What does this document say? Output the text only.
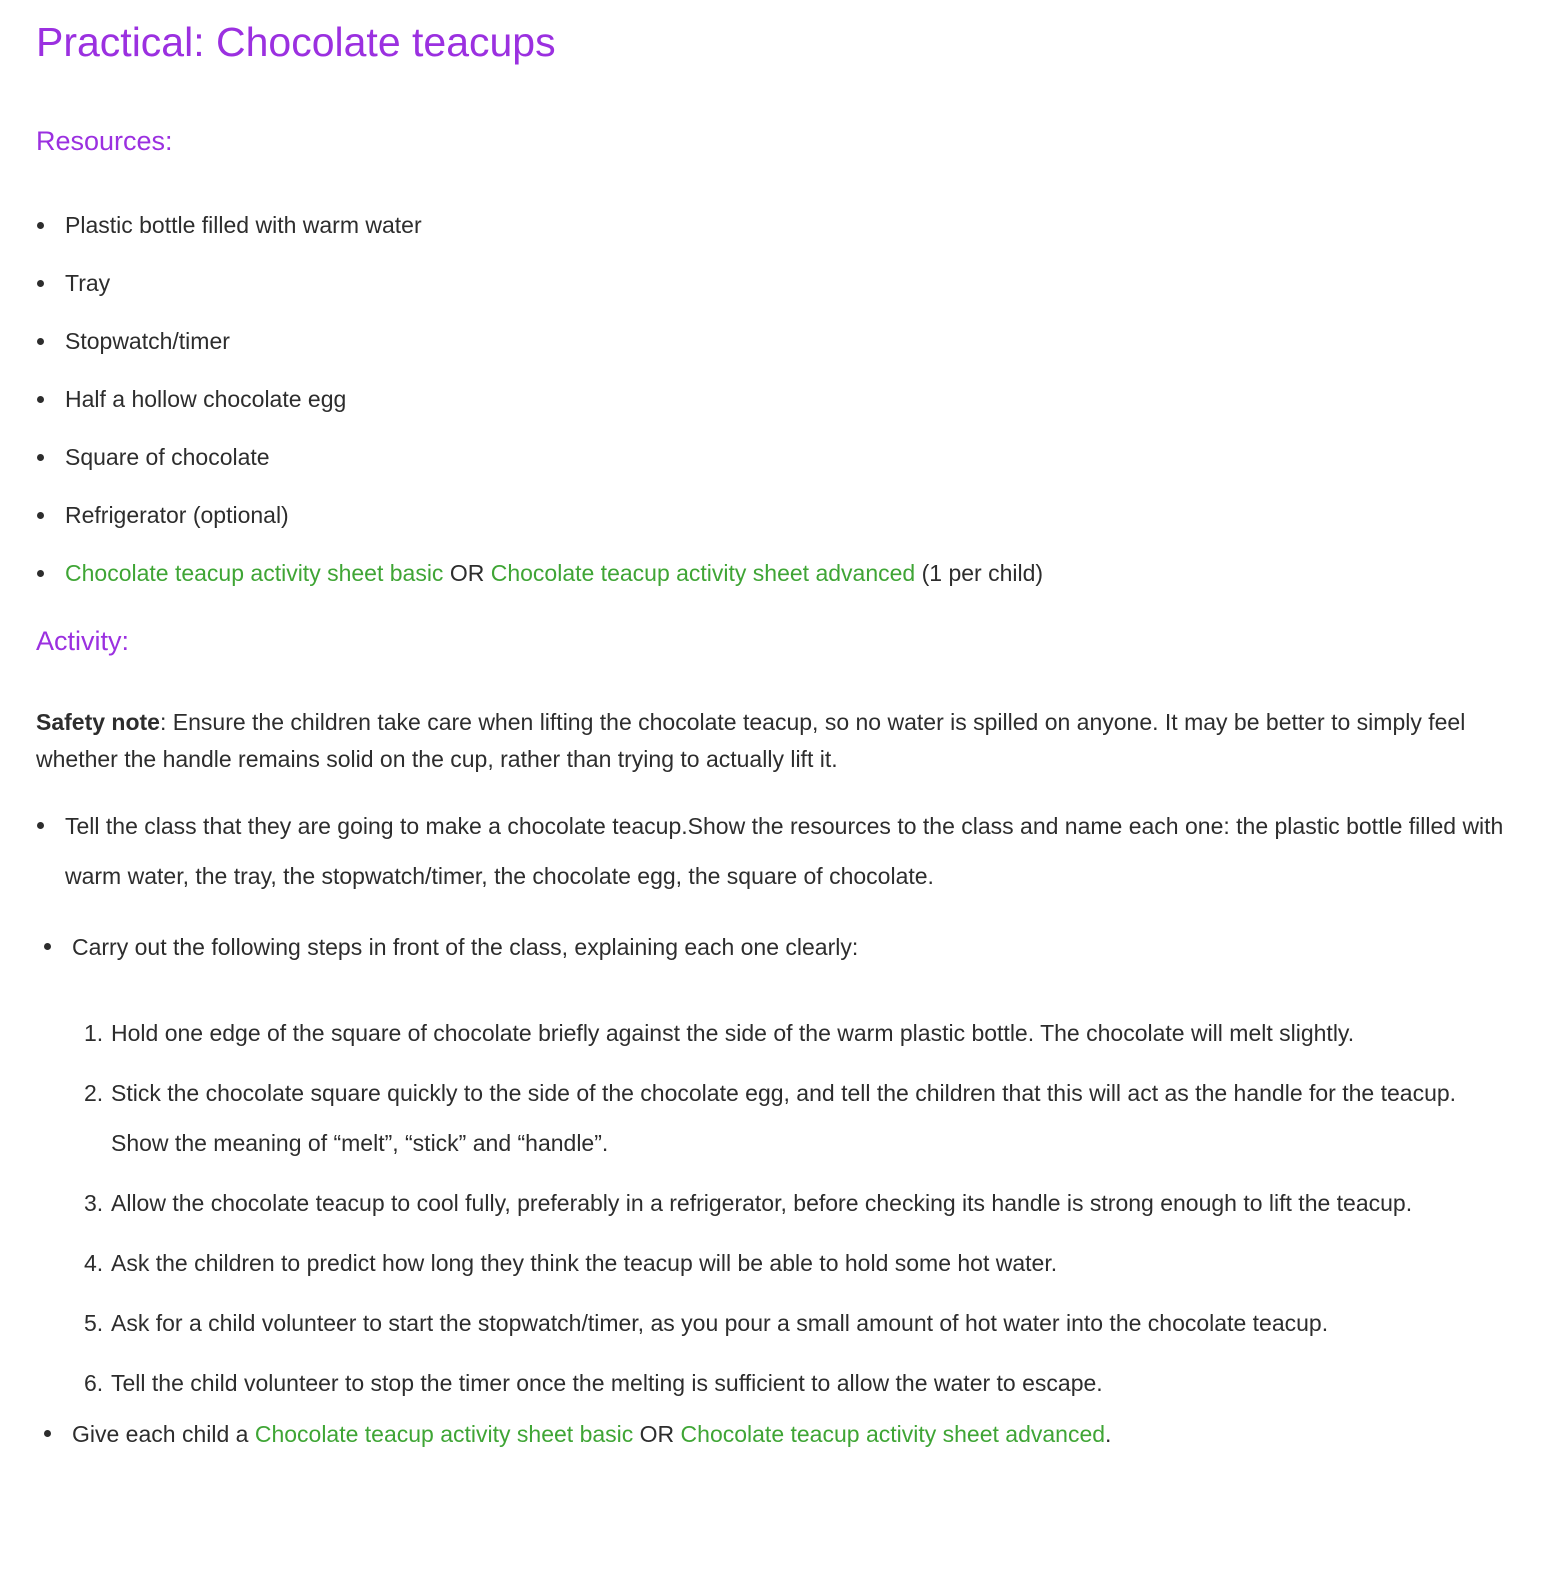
Practical: Chocolate teacups
Resources:
Plastic bottle filled with warm water
Tray
Stopwatch/timer
Half a hollow chocolate egg
Square of chocolate
Refrigerator (optional)
Chocolate teacup activity sheet basic OR Chocolate teacup activity sheet advanced (1 per child)
Activity:

Safety note: Ensure the children take care when lifting the chocolate teacup, so no water is spilled on anyone. It may be better to simply feel whether the handle remains solid on the cup, rather than trying to actually lift it.

Tell the class that they are going to make a chocolate teacup.Show the resources to the class and name each one: the plastic bottle filled with warm water, the tray, the stopwatch/timer, the chocolate egg, the square of chocolate.
Carry out the following steps in front of the class, explaining each one clearly:
1. Hold one edge of the square of chocolate briefly against the side of the warm plastic bottle. The chocolate will melt slightly.
2. Stick the chocolate square quickly to the side of the chocolate egg, and tell the children that this will act as the handle for the teacup. Show the meaning of “melt”, “stick” and “handle”.
3. Allow the chocolate teacup to cool fully, preferably in a refrigerator, before checking its handle is strong enough to lift the teacup.
4. Ask the children to predict how long they think the teacup will be able to hold some hot water.
5. Ask for a child volunteer to start the stopwatch/timer, as you pour a small amount of hot water into the chocolate teacup.
6. Tell the child volunteer to stop the timer once the melting is sufficient to allow the water to escape.
Give each child a Chocolate teacup activity sheet basic OR Chocolate teacup activity sheet advanced.
